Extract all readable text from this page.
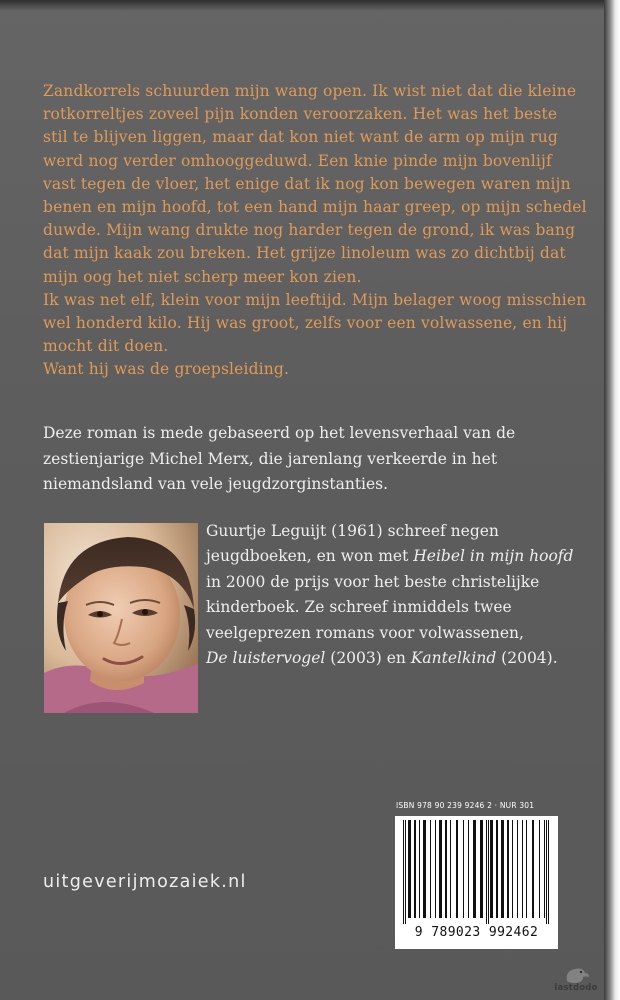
Zandkorrels schuurden mijn wang open. Ik wist niet dat die kleine
rotkorreltjes zoveel pijn konden veroorzaken. Het was het beste
stil te blijven liggen, maar dat kon niet want de arm op mijn rug
werd nog verder omhooggeduwd. Een knie pinde mijn bovenlijf
vast tegen de vloer, het enige dat ik nog kon bewegen waren mijn
benen en mijn hoofd, tot een hand mijn haar greep, op mijn schedel
duwde. Mijn wang drukte nog harder tegen de grond, ik was bang
dat mijn kaak zou breken. Het grijze linoleum was zo dichtbij dat
mijn oog het niet scherp meer kon zien.
Ik was net elf, klein voor mijn leeftijd. Mijn belager woog misschien
wel honderd kilo. Hij was groot, zelfs voor een volwassene, en hij
mocht dit doen.
Want hij was de groepsleiding.
Deze roman is mede gebaseerd op het levensverhaal van de
zestienjarige Michel Merx, die jarenlang verkeerde in het
niemandsland van vele jeugdzorginstanties.
Guurtje Leguijt (1961) schreef negen
jeugdboeken, en won met Heibel in mijn hoofd
in 2000 de prijs voor het beste christelijke
kinderboek. Ze schreef inmiddels twee
veelgeprezen romans voor volwassenen,
De luistervogel (2003) en Kantelkind (2004).
ISBN 978 90 239 9246 2 · NUR 301
9 789023 992462
uitgeverijmozaiek.nl
lastdodo
